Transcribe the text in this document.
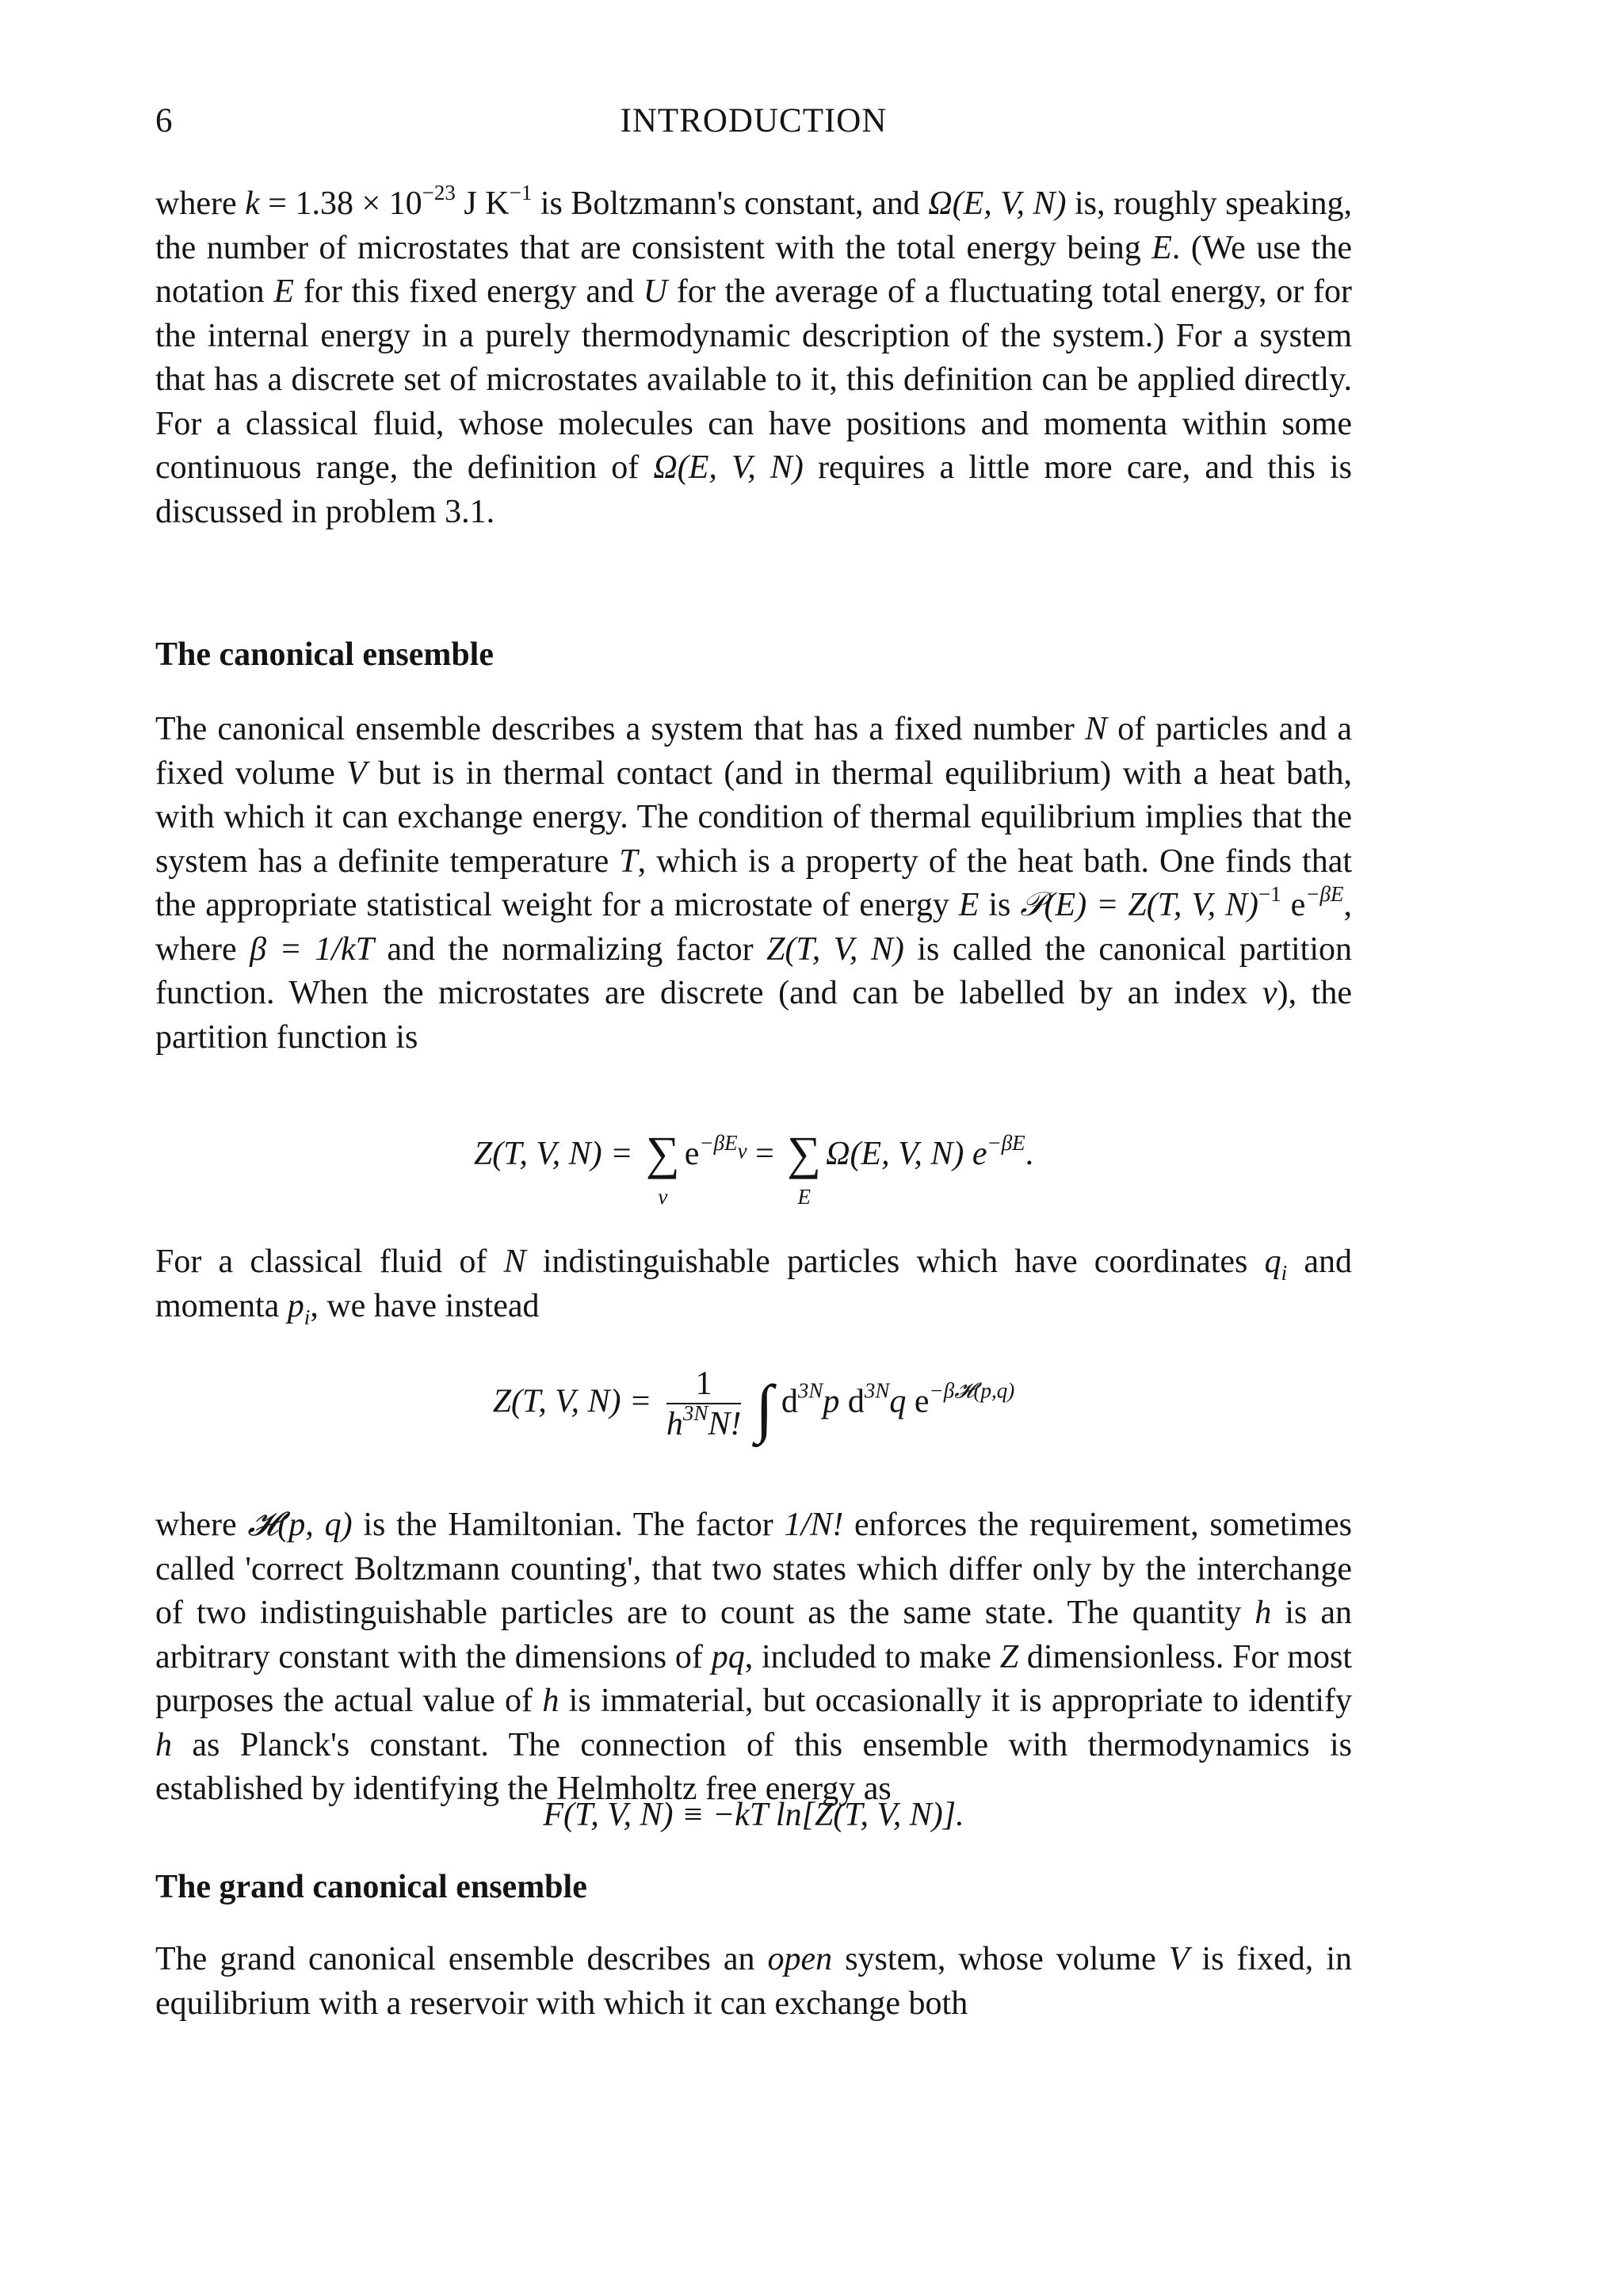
6	INTRODUCTION

where $k = 1.38 \times 10^{-23}$ J $K^{-1}$ is Boltzmann's constant, and Ω(E, V, N) is, roughly speaking, the number of microstates that are consistent with the total energy being E. (We use the notation E for this fixed energy and U for the average of a fluctuating total energy, or for the internal energy in a purely thermodynamic description of the system.) For a system that has a discrete set of microstates available to it, this definition can be applied directly. For a classical fluid, whose molecules can have positions and momenta within some continuous range, the definition of Ω(E, V, N) requires a little more care, and this is discussed in problem 3.1.

The canonical ensemble

The canonical ensemble describes a system that has a fixed number N of particles and a fixed volume V but is in thermal contact (and in thermal equilibrium) with a heat bath, with which it can exchange energy. The condition of thermal equilibrium implies that the system has a definite temperature T, which is a property of the heat bath. One finds that the appropriate statistical weight for a microstate of energy E is 𝒫(E) = Z(T, V, N)$^{-1}$ $e^{-\beta E}$, where β = 1/kT and the normalizing factor Z(T, V, N) is called the canonical partition function. When the microstates are discrete (and can be labelled by an index ν), the partition function is

Z(T, V, N) = ∑
ν
$e^{-\beta E_\nu}$ = ∑
E
Ω(E, V, N) $e^{-\beta E}$.

For a classical fluid of N indistinguishable particles which have coordinates $q_i$ and momenta $p_i$, we have instead

Z(T, V, $N) = \frac{1}{h^{3N}N!}$ ∫ $d^{3N}p$ $d^{3N}q$ $e^{-\beta 𝓗(p,q)}$

where 𝓗(p, q) is the Hamiltonian. The factor 1/N! enforces the requirement, sometimes called 'correct Boltzmann counting', that two states which differ only by the interchange of two indistinguishable particles are to count as the same state. The quantity h is an arbitrary constant with the dimensions of pq, included to make Z dimensionless. For most purposes the actual value of h is immaterial, but occasionally it is appropriate to identify h as Planck's constant. The connection of this ensemble with thermodynamics is established by identifying the Helmholtz free energy as

F(T, V, N) ≡ −kT ln[Z(T, V, N)].
The grand canonical ensemble

The grand canonical ensemble describes an open system, whose volume V is fixed, in equilibrium with a reservoir with which it can exchange both
